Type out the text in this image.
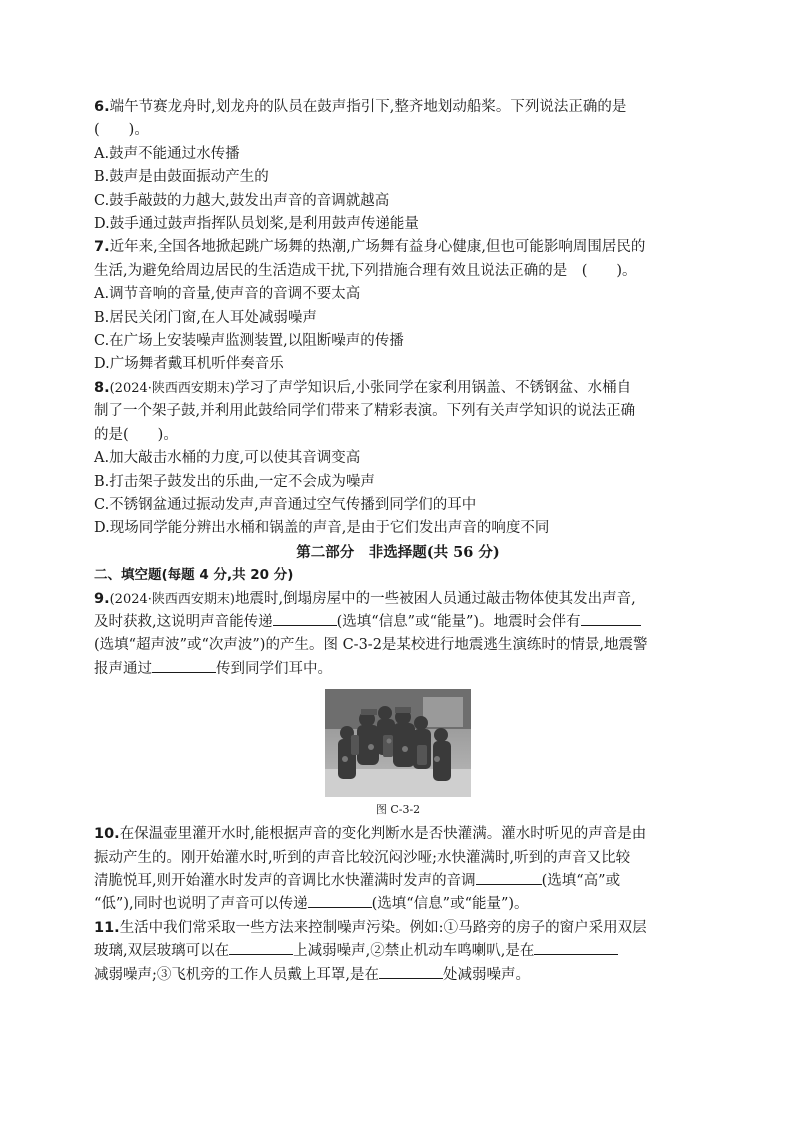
6.端午节赛龙舟时,划龙舟的队员在鼓声指引下,整齐地划动船桨。下列说法正确的是
(　　)。
A.鼓声不能通过水传播
B.鼓声是由鼓面振动产生的
C.鼓手敲鼓的力越大,鼓发出声音的音调就越高
D.鼓手通过鼓声指挥队员划桨,是利用鼓声传递能量
7.近年来,全国各地掀起跳广场舞的热潮,广场舞有益身心健康,但也可能影响周围居民的
生活,为避免给周边居民的生活造成干扰,下列措施合理有效且说法正确的是　(　　)。
A.调节音响的音量,使声音的音调不要太高
B.居民关闭门窗,在人耳处减弱噪声
C.在广场上安装噪声监测装置,以阻断噪声的传播
D.广场舞者戴耳机听伴奏音乐
8.(2024·陕西西安期末)学习了声学知识后,小张同学在家利用锅盖、不锈钢盆、水桶自
制了一个架子鼓,并利用此鼓给同学们带来了精彩表演。下列有关声学知识的说法正确
的是(　　)。
A.加大敲击水桶的力度,可以使其音调变高
B.打击架子鼓发出的乐曲,一定不会成为噪声
C.不锈钢盆通过振动发声,声音通过空气传播到同学们的耳中
D.现场同学能分辨出水桶和锅盖的声音,是由于它们发出声音的响度不同
第二部分　非选择题(共 56 分)
二、填空题(每题 4 分,共 20 分)
9.(2024·陕西西安期末)地震时,倒塌房屋中的一些被困人员通过敲击物体使其发出声音,
及时获救,这说明声音能传递	(选填“信息”或“能量”)。地震时会伴有
(选填“超声波”或“次声波”)的产生。图 C-3-2是某校进行地震逃生演练时的情景,地震警
报声通过	传到同学们耳中。
图 C-3-2
10.在保温壶里灌开水时,能根据声音的变化判断水是否快灌满。灌水时听见的声音是由
振动产生的。刚开始灌水时,听到的声音比较沉闷沙哑;水快灌满时,听到的声音又比较
清脆悦耳,则开始灌水时发声的音调比水快灌满时发声的音调	(选填“高”或
“低”),同时也说明了声音可以传递	(选填“信息”或“能量”)。
11.生活中我们常采取一些方法来控制噪声污染。例如:①马路旁的房子的窗户采用双层
玻璃,双层玻璃可以在	上减弱噪声,②禁止机动车鸣喇叭,是在
减弱噪声;③飞机旁的工作人员戴上耳罩,是在	处减弱噪声。
